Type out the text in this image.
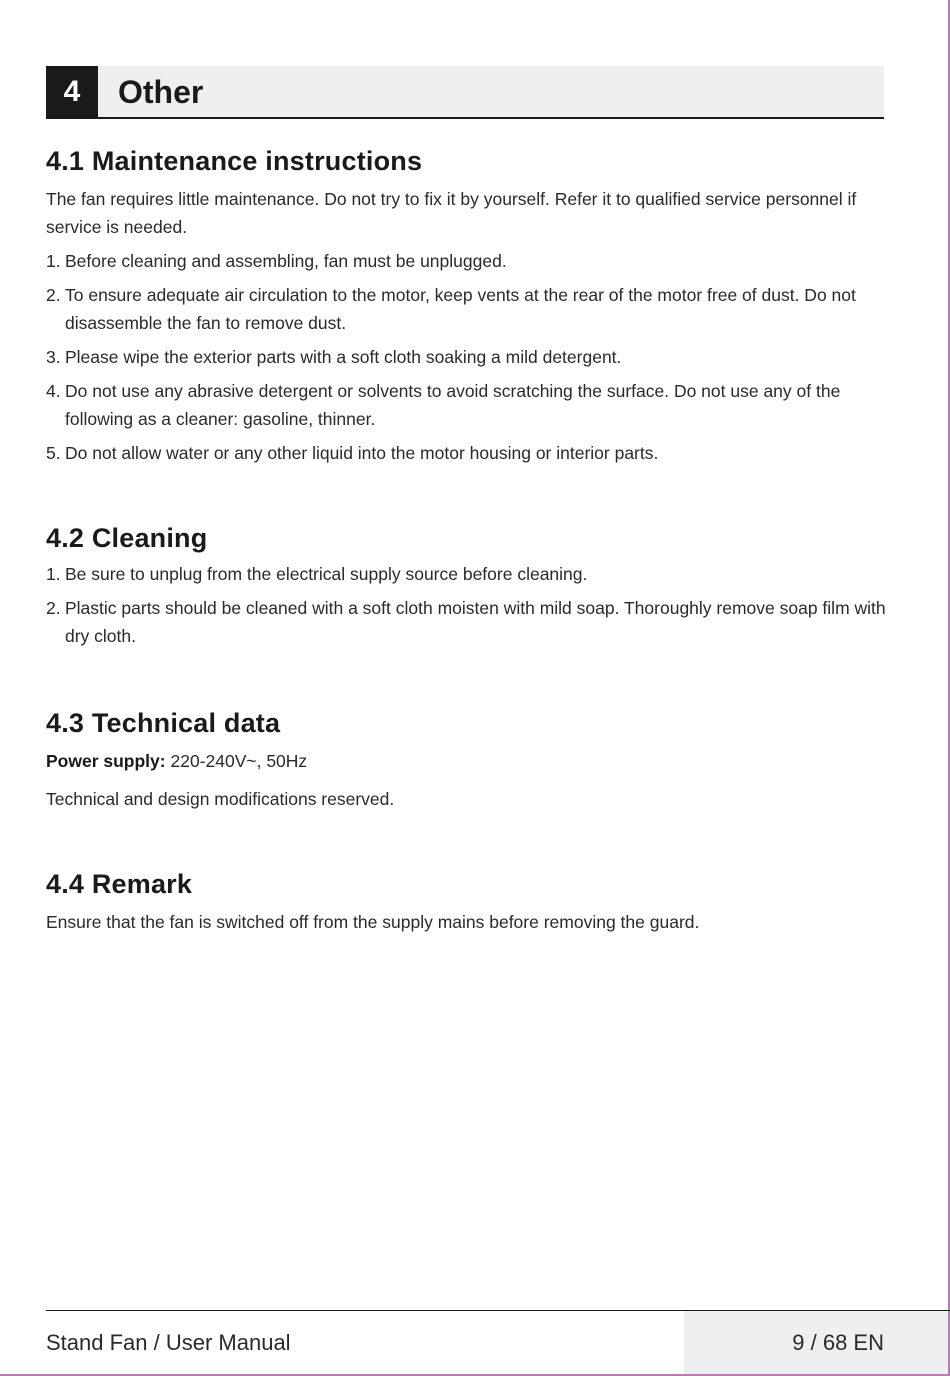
4	Other
4.1 Maintenance instructions

The fan requires little maintenance. Do not try to fix it by yourself. Refer it to qualified service personnel if service is needed.

1. Before cleaning and assembling, fan must be unplugged.
2. To ensure adequate air circulation to the motor, keep vents at the rear of the motor free of dust. Do not disassemble the fan to remove dust.
3. Please wipe the exterior parts with a soft cloth soaking a mild detergent.
4. Do not use any abrasive detergent or solvents to avoid scratching the surface. Do not use any of the following as a cleaner: gasoline, thinner.
5. Do not allow water or any other liquid into the motor housing or interior parts.
4.2 Cleaning
1. Be sure to unplug from the electrical supply source before cleaning.
2. Plastic parts should be cleaned with a soft cloth moisten with mild soap. Thoroughly remove soap film with dry cloth.
4.3 Technical data

Power supply: 220-240V~, 50Hz

Technical and design modifications reserved.

4.4 Remark

Ensure that the fan is switched off from the supply mains before removing the guard.

Stand Fan / User Manual	9 / 68 EN
